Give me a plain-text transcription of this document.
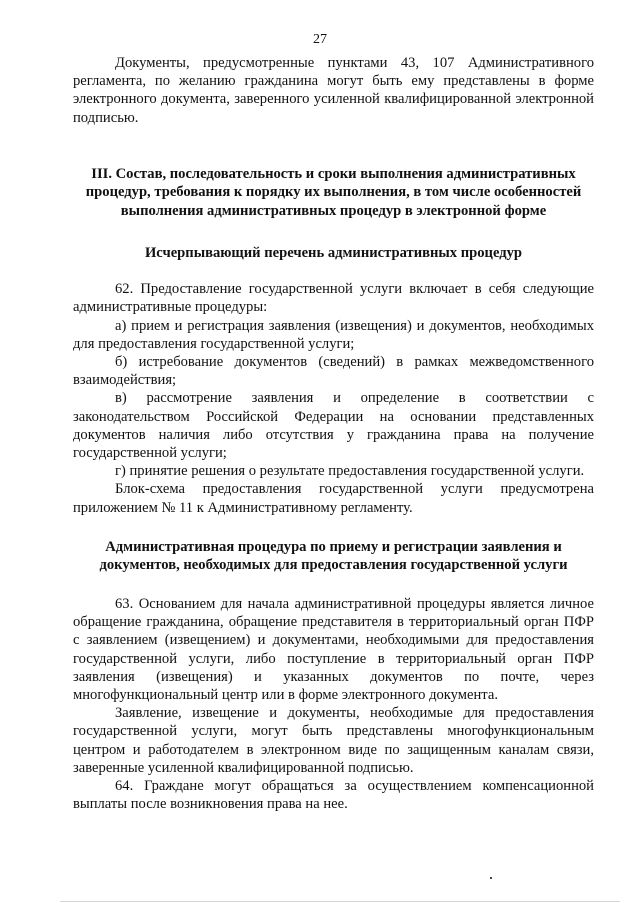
27

Документы, предусмотренные пунктами 43, 107 Административного регламента, по желанию гражданина могут быть ему представлены в форме электронного документа, заверенного усиленной квалифицированной электронной подписью.

III. Состав, последовательность и сроки выполнения административных процедур, требования к порядку их выполнения, в том числе особенностей выполнения административных процедур в электронной форме

Исчерпывающий перечень административных процедур

62. Предоставление государственной услуги включает в себя следующие административные процедуры:

а) прием и регистрация заявления (извещения) и документов, необходимых для предоставления государственной услуги;

б) истребование документов (сведений) в рамках межведомственного взаимодействия;

в) рассмотрение заявления и определение в соответствии с законодательством Российской Федерации на основании представленных документов наличия либо отсутствия у гражданина права на получение государственной услуги;

г) принятие решения о результате предоставления государственной услуги.

Блок-схема предоставления государственной услуги предусмотрена приложением № 11 к Административному регламенту.

Административная процедура по приему и регистрации заявления и документов, необходимых для предоставления государственной услуги

63. Основанием для начала административной процедуры является личное обращение гражданина, обращение представителя в территориальный орган ПФР с заявлением (извещением) и документами, необходимыми для предоставления государственной услуги, либо поступление в территориальный орган ПФР заявления (извещения) и указанных документов по почте, через многофункциональный центр или в форме электронного документа.

Заявление, извещение и документы, необходимые для предоставления государственной услуги, могут быть представлены многофункциональным центром и работодателем в электронном виде по защищенным каналам связи, заверенные усиленной квалифицированной подписью.

64. Граждане могут обращаться за осуществлением компенсационной выплаты после возникновения права на нее.
